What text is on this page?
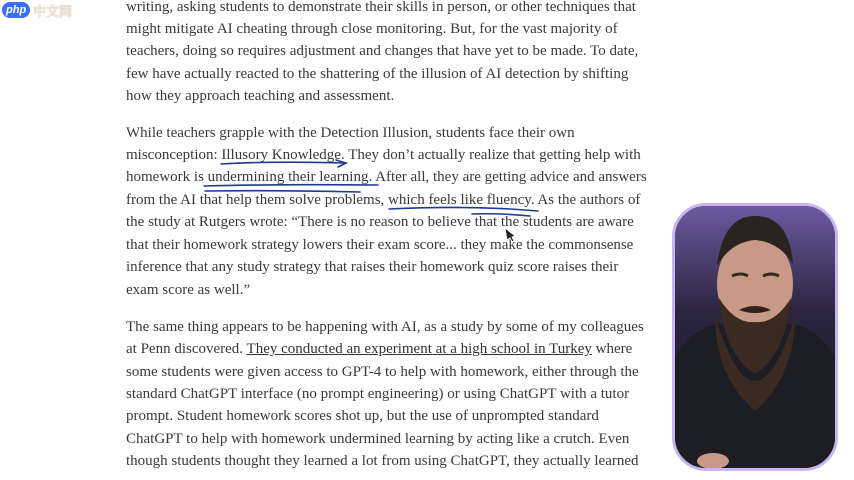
php 中文网	writing, asking students to demonstrate their skills in person, or other techniques that
might mitigate AI cheating through close monitoring. But, for the vast majority of
teachers, doing so requires adjustment and changes that have yet to be made. To date,
few have actually reacted to the shattering of the illusion of AI detection by shifting
how they approach teaching and assessment.
While teachers grapple with the Detection Illusion, students face their own
misconception: Illusory Knowledge. They don’t actually realize that getting help with
homework is undermining their learning. After all, they are getting advice and answers
from the AI that help them solve problems, which feels like fluency. As the authors of
the study at Rutgers wrote: “There is no reason to believe that the students are aware
that their homework strategy lowers their exam score... they make the commonsense
inference that any study strategy that raises their homework quiz score raises their
exam score as well.”
The same thing appears to be happening with AI, as a study by some of my colleagues
at Penn discovered. They conducted an experiment at a high school in Turkey where
some students were given access to GPT-4 to help with homework, either through the
standard ChatGPT interface (no prompt engineering) or using ChatGPT with a tutor
prompt. Student homework scores shot up, but the use of unprompted standard
ChatGPT to help with homework undermined learning by acting like a crutch. Even
though students thought they learned a lot from using ChatGPT, they actually learned
